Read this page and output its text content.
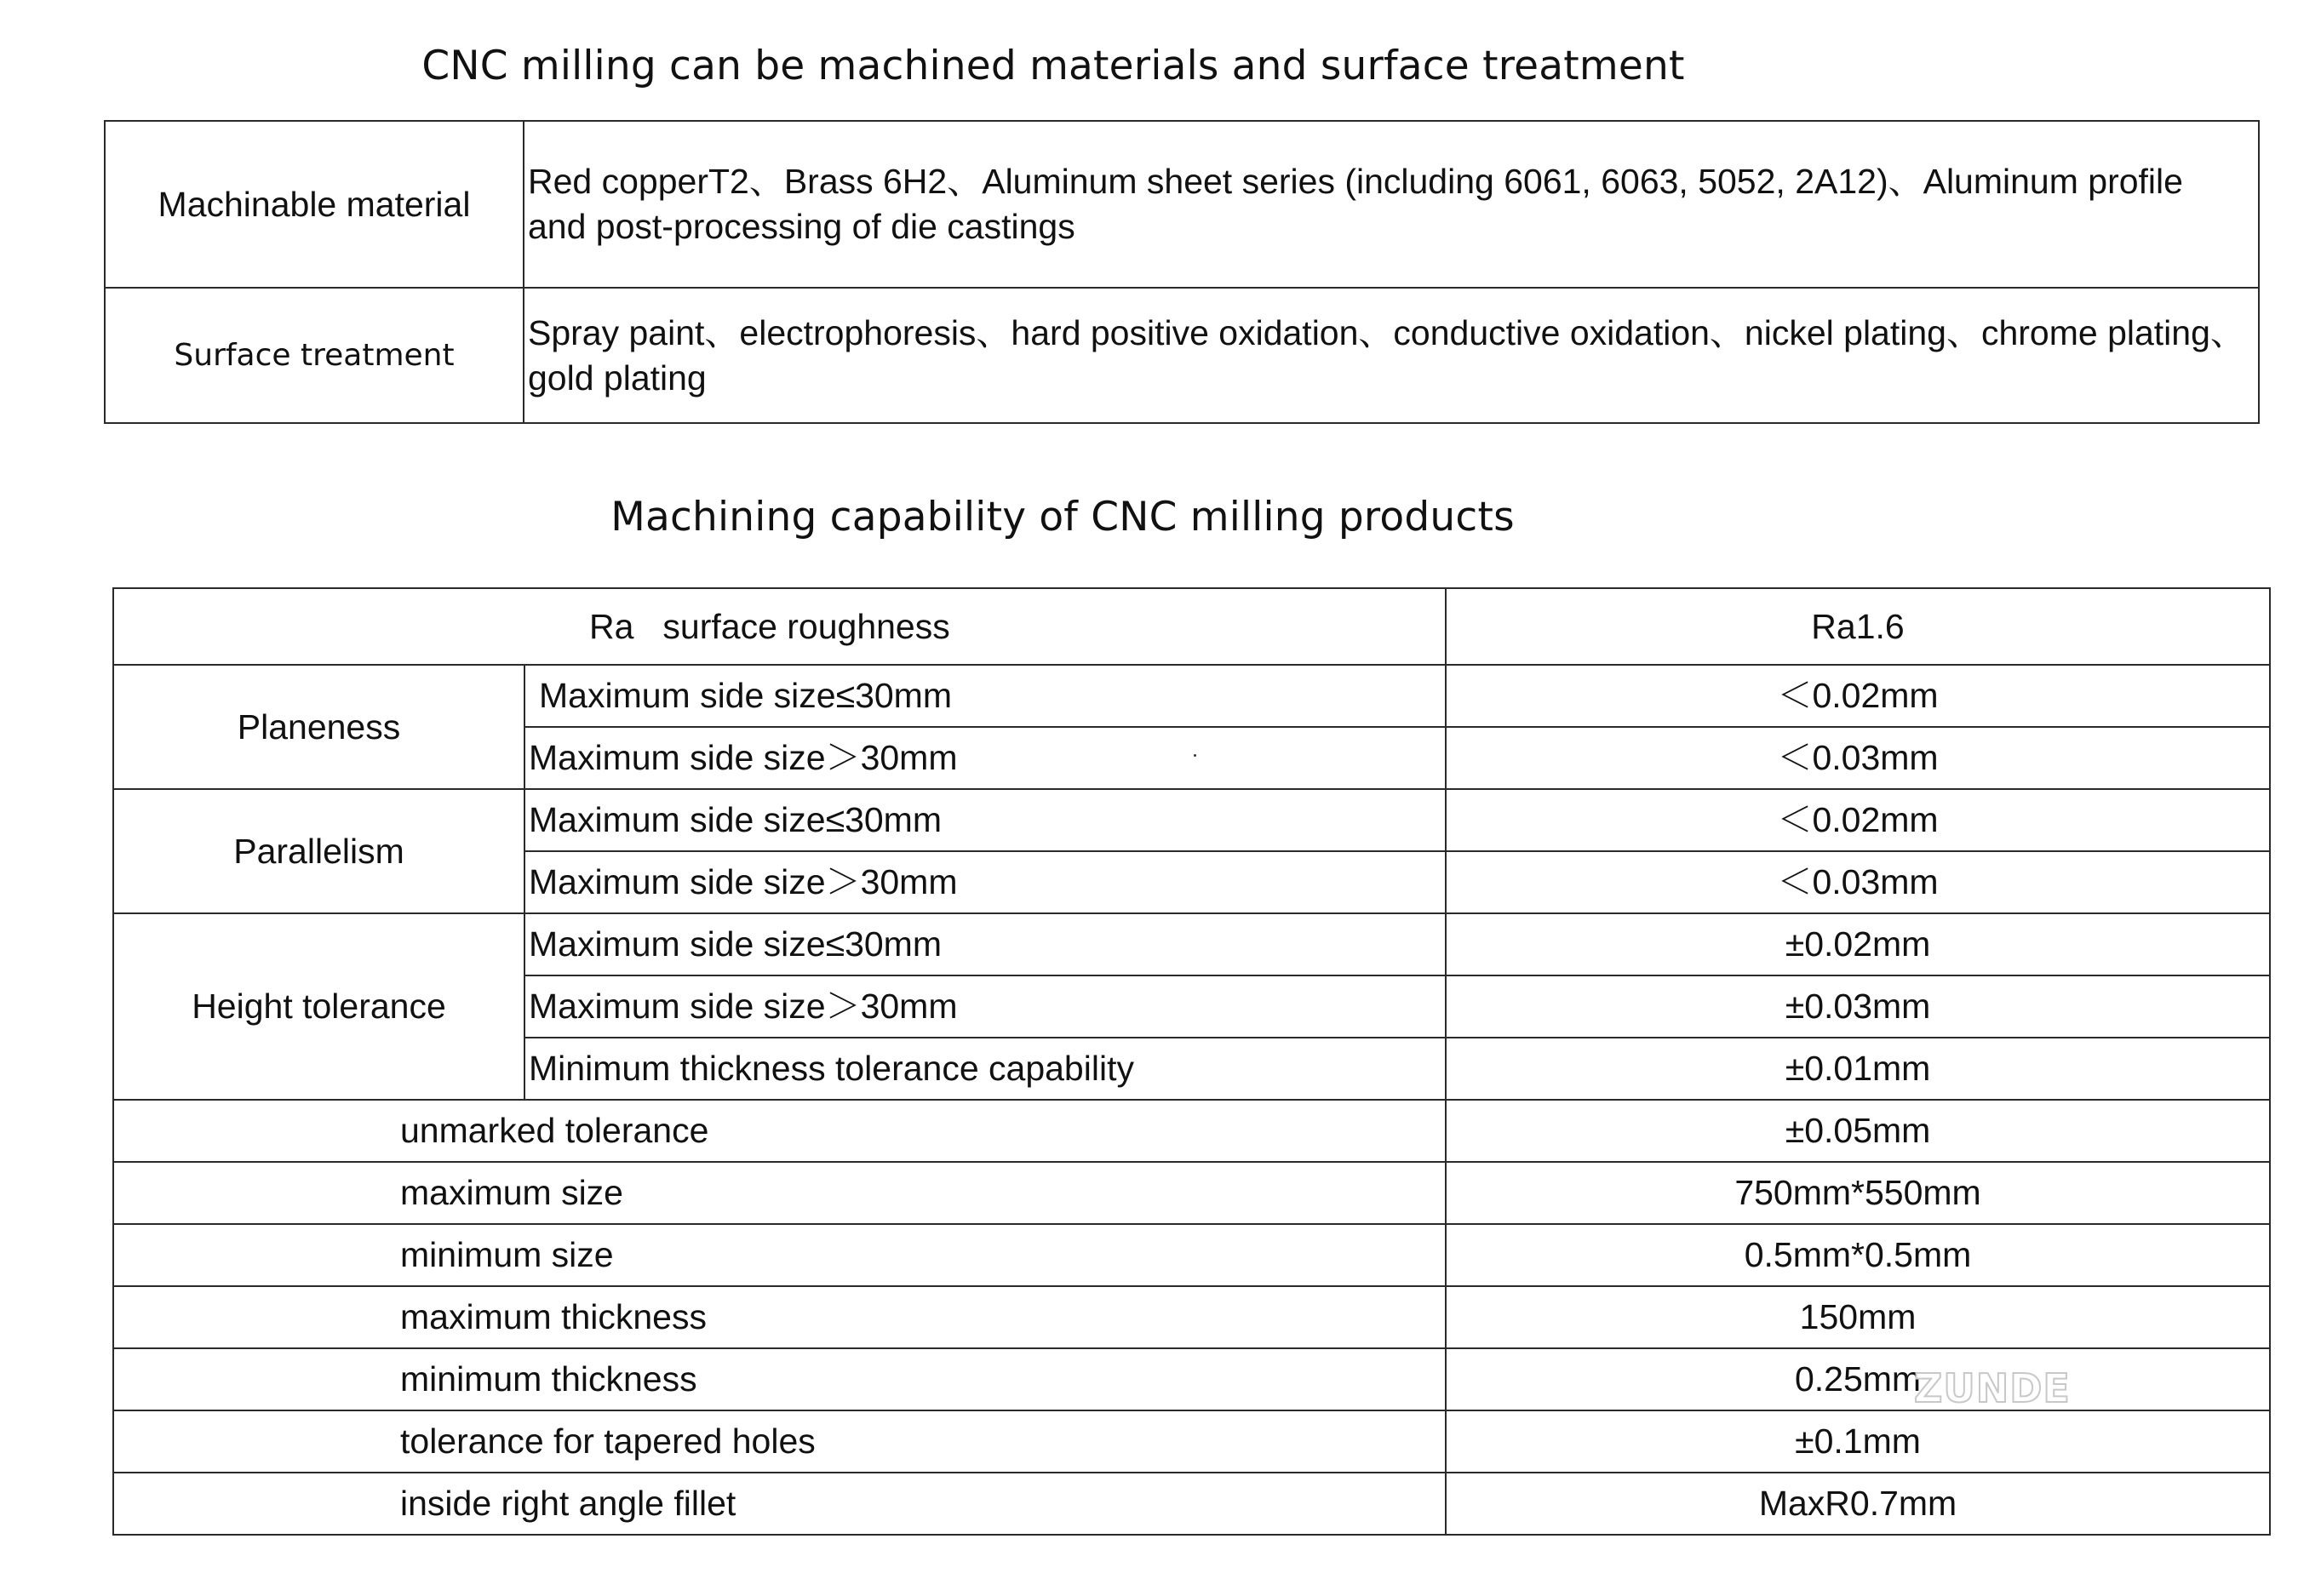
CNC milling can be machined materials and surface treatment
Machinable material	Red copperT2、Brass 6H2、Aluminum sheet series (including 6061, 6063, 5052, 2A12)、Aluminum profile and post-processing of die castings
Surface treatment	Spray paint、electrophoresis、hard positive oxidation、conductive oxidation、nickel plating、chrome plating、gold plating
Machining capability of CNC milling products
Ra surface roughness		Ra1.6
Planeness	Maximum side size≤30mm	＜0.02mm
	Maximum side size＞30mm	＜0.03mm
Parallelism	Maximum side size≤30mm	＜0.02mm
	Maximum side size＞30mm	＜0.03mm
Height tolerance	Maximum side size≤30mm	±0.02mm
	Maximum side size＞30mm	±0.03mm
	Minimum thickness tolerance capability	±0.01mm
unmarked tolerance		±0.05mm
maximum size		750mm*550mm
minimum size		0.5mm*0.5mm
maximum thickness		150mm
minimum thickness		0.25mm
tolerance for tapered holes		±0.1mm
inside right angle fillet		MaxR0.7mm
ZUNDE
